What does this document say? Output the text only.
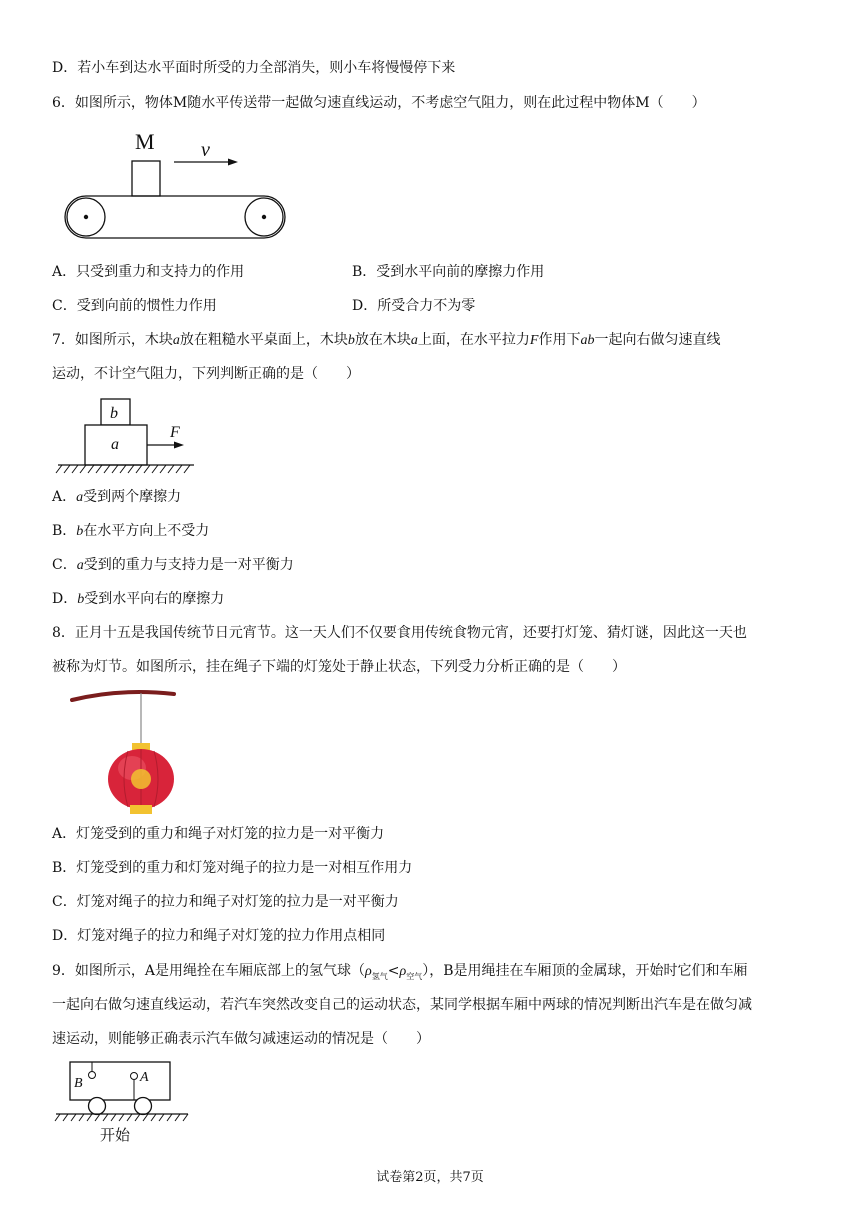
D．若小车到达水平面时所受的力全部消失，则小车将慢慢停下来
6．如图所示，物体M随水平传送带一起做匀速直线运动，不考虑空气阻力，则在此过程中物体M（　　）
M v
A．只受到重力和支持力的作用	B．受到水平向前的摩擦力作用
C．受到向前的惯性力作用	D．所受合力不为零
7．如图所示，木块a放在粗糙水平桌面上，木块b放在木块a上面，在水平拉力F作用下ab一起向右做匀速直线
运动，不计空气阻力，下列判断正确的是（　　）
b
a
F
A．a受到两个摩擦力
B．b在水平方向上不受力
C．a受到的重力与支持力是一对平衡力
D．b受到水平向右的摩擦力
8．正月十五是我国传统节日元宵节。这一天人们不仅要食用传统食物元宵，还要打灯笼、猜灯谜，因此这一天也
被称为灯节。如图所示，挂在绳子下端的灯笼处于静止状态，下列受力分析正确的是（　　）
A．灯笼受到的重力和绳子对灯笼的拉力是一对平衡力
B．灯笼受到的重力和灯笼对绳子的拉力是一对相互作用力
C．灯笼对绳子的拉力和绳子对灯笼的拉力是一对平衡力
D．灯笼对绳子的拉力和绳子对灯笼的拉力作用点相同
9．如图所示，A是用绳拴在车厢底部上的氢气球$(\rho_{氢气}<\rho_{空气})$，B是用绳挂在车厢顶的金属球，开始时它们和车厢
一起向右做匀速直线运动，若汽车突然改变自己的运动状态，某同学根据车厢中两球的情况判断出汽车是在做匀减
速运动，则能够正确表示汽车做匀减速运动的情况是（　　）
B	A
开始
试卷第2页，共7页
